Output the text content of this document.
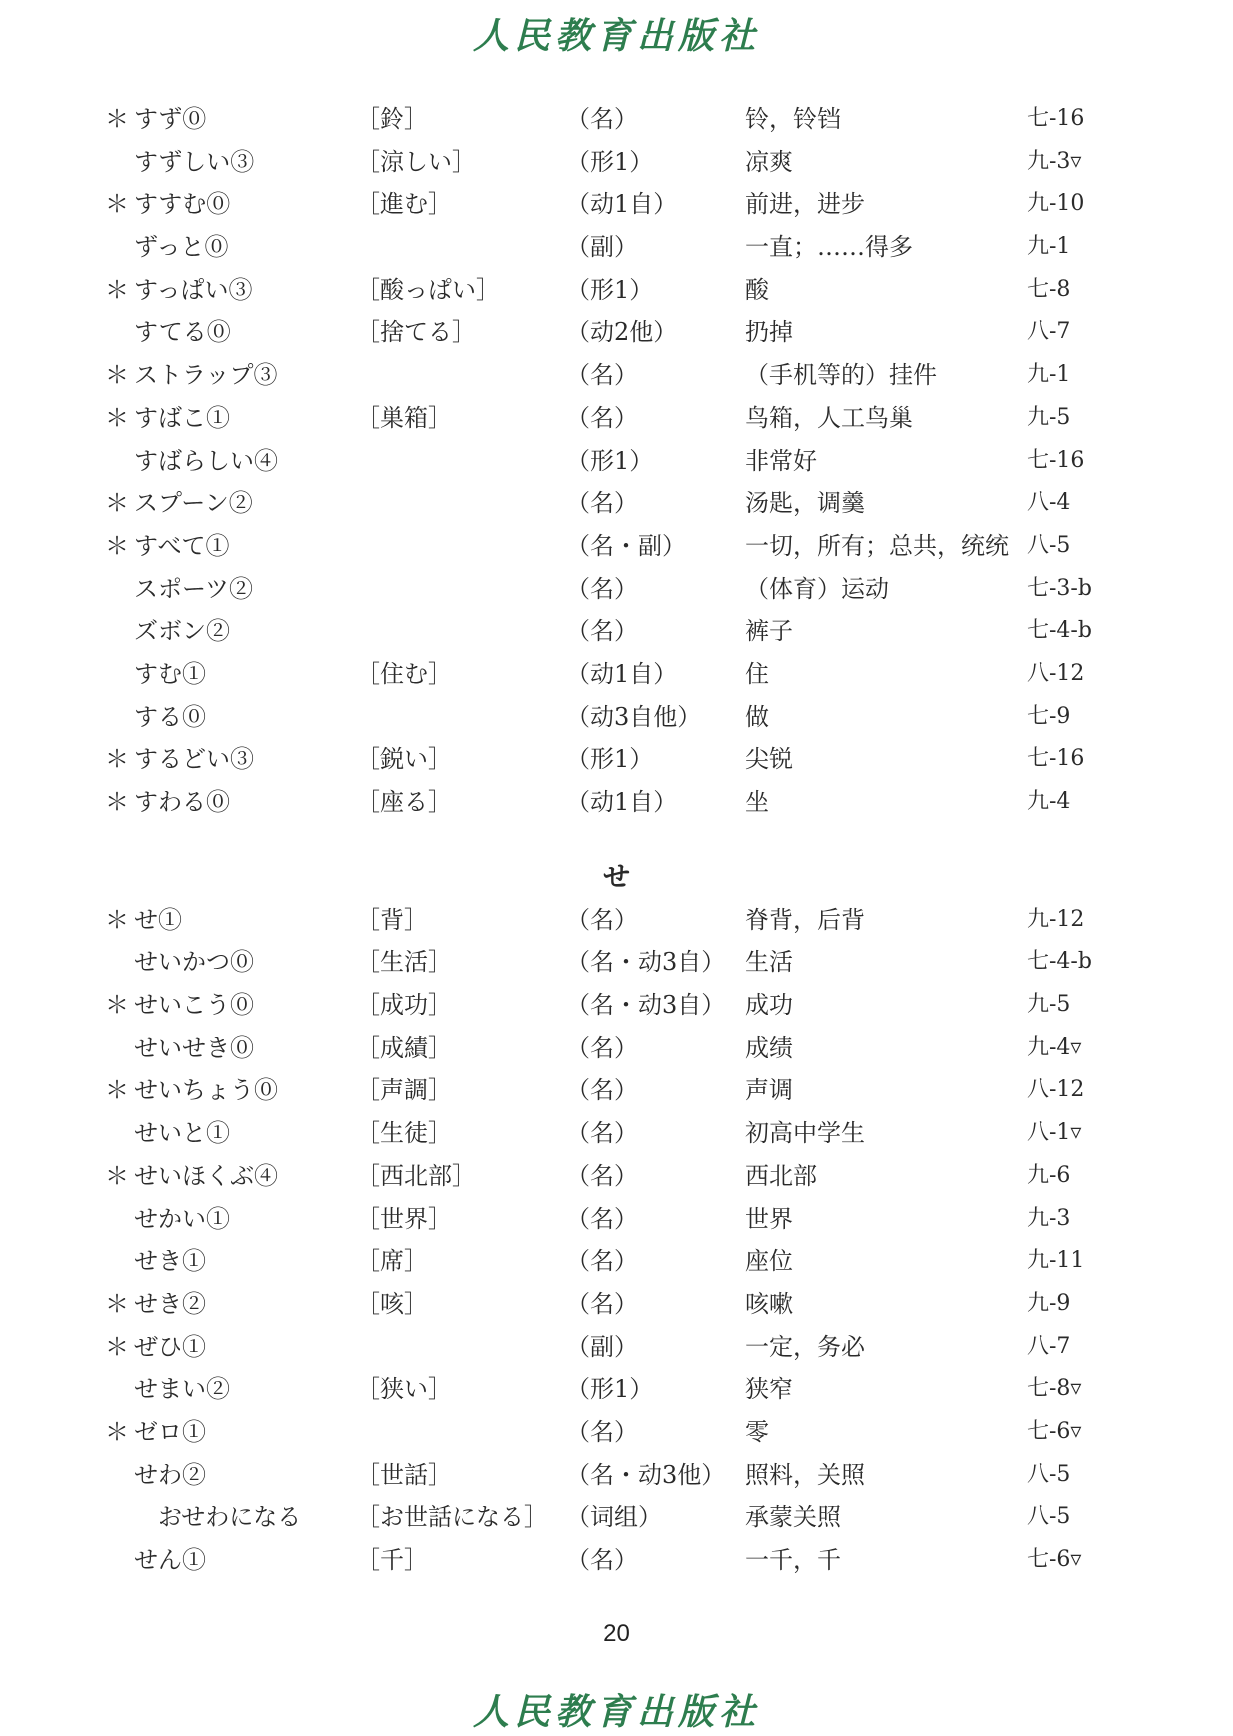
人民教育出版社
＊ すず⓪	［鈴］	（名）	铃，铃铛	七-16
すずしい③	［涼しい］	（形1）	凉爽	九-3▿
＊ すすむ⓪	［進む］	（动1自）	前进，进步	九-10
ずっと⓪	（副）	一直；……得多	九-1
＊ すっぱい③	［酸っぱい］	（形1）	酸	七-8
すてる⓪	［捨てる］	（动2他）	扔掉	八-7
＊ ストラップ③	（名）	（手机等的）挂件	九-1
＊ すばこ①	［巣箱］	（名）	鸟箱，人工鸟巢	九-5
すばらしい④	（形1）	非常好	七-16
＊ スプーン②	（名）	汤匙，调羹	八-4
＊ すべて①	（名・副） 一切，所有；总共，统统 八-5
スポーツ②	（名）	（体育）运动	七-3-b
ズボン②	（名）	裤子	七-4-b
すむ①	［住む］	（动1自）	住	八-12
する⓪	（动3自他） 做	七-9
＊ するどい③	［鋭い］	（形1）	尖锐	七-16
＊ すわる⓪	［座る］	（动1自）	坐	九-4
せ
＊ せ①	［背］	（名）	脊背，后背	九-12
せいかつ⓪	［生活］	（名・动3自） 生活	七-4-b
＊ せいこう⓪	［成功］	（名・动3自） 成功	九-5
せいせき⓪	［成績］	（名）	成绩	九-4▿
＊ せいちょう⓪	［声調］	（名）	声调	八-12
せいと①	［生徒］	（名）	初高中学生	八-1▿
＊ せいほくぶ④	［西北部］	（名）	西北部	九-6
せかい①	［世界］	（名）	世界	九-3
せき①	［席］	（名）	座位	九-11
＊ せき②	［咳］	（名）	咳嗽	九-9
＊ ぜひ①	（副）	一定，务必	八-7
せまい②	［狭い］	（形1）	狭窄	七-8▿
＊ ゼロ①	（名）	零	七-6▿
せわ②	［世話］	（名・动3他） 照料，关照	八-5
　おせわになる ［お世話になる］ （词组）	承蒙关照	八-5
せん①	［千］	（名）	一千，千	七-6▿
20
人民教育出版社
